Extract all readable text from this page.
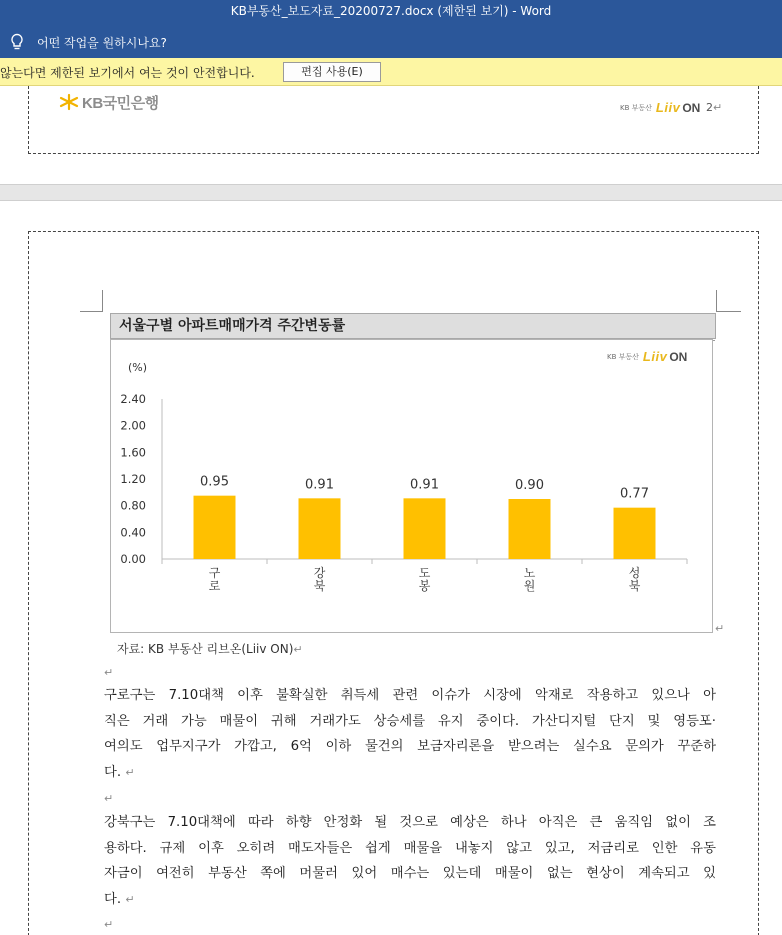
KB부동산_보도자료_20200727.docx (제한된 보기) - Word
어떤 작업을 원하시나요?
않는다면 제한된 보기에서 여는 것이 안전합니다.	편집 사용(E)
KB국민은행	KB 부동산 Liiv ON 2↵
서울구별 아파트매매가격 주간변동률
KB 부동산 Liiv ON
(%)
0.00
0.40
0.80
1.20
1.60
2.00
2.40
0.95
구 로
0.91
강 북
0.91
도 봉
0.90
노 원
0.77
성 북
↵
자료: KB 부동산 리브온(Liiv ON)↵
↵
구로구는 7.10대책 이후 불확실한 취득세 관련 이슈가 시장에 악재로 작용하고 있으나 아
직은 거래 가능 매물이 귀해 거래가도 상승세를 유지 중이다. 가산디지털 단지 및 영등포·
여의도 업무지구가 가깝고, 6억 이하 물건의 보금자리론을 받으려는 실수요 문의가 꾸준하
다. ↵
↵
강북구는 7.10대책에 따라 하향 안정화 될 것으로 예상은 하나 아직은 큰 움직임 없이 조
용하다. 규제 이후 오히려 매도자들은 쉽게 매물을 내놓지 않고 있고, 저금리로 인한 유동
자금이 여전히 부동산 쪽에 머물러 있어 매수는 있는데 매물이 없는 현상이 계속되고 있
다. ↵
↵
